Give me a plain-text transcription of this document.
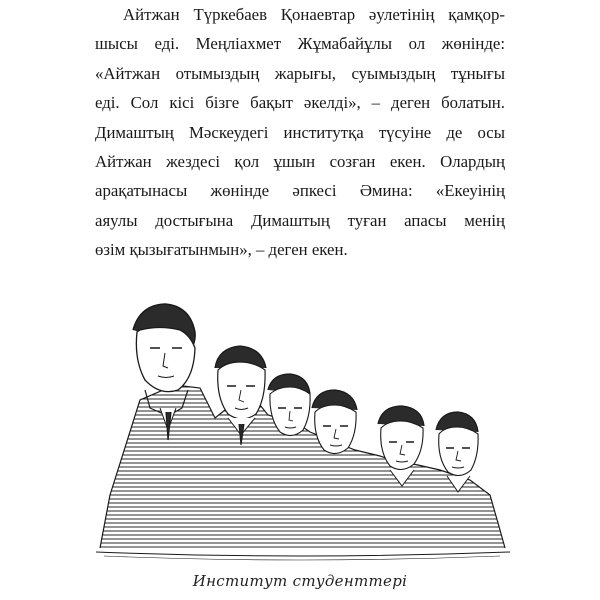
Айтжан Түркебаев Қонаевтар әулетінің қамқор-
шысы еді. Меңліахмет Жұмабайұлы ол жөнінде:
«Айтжан отымыздың жарығы, суымыздың тұнығы
еді. Сол кісі бізге бақыт әкелді», – деген болатын.
Димаштың Мәскеудегі институтқа түсуіне де осы
Айтжан жездесі қол ұшын созған екен. Олардың
арақатынасы жөнінде әпкесі Әмина: «Екеуінің
аяулы достығына Димаштың туған апасы менің
өзім қызығатынмын», – деген екен.
Институт студенттері
